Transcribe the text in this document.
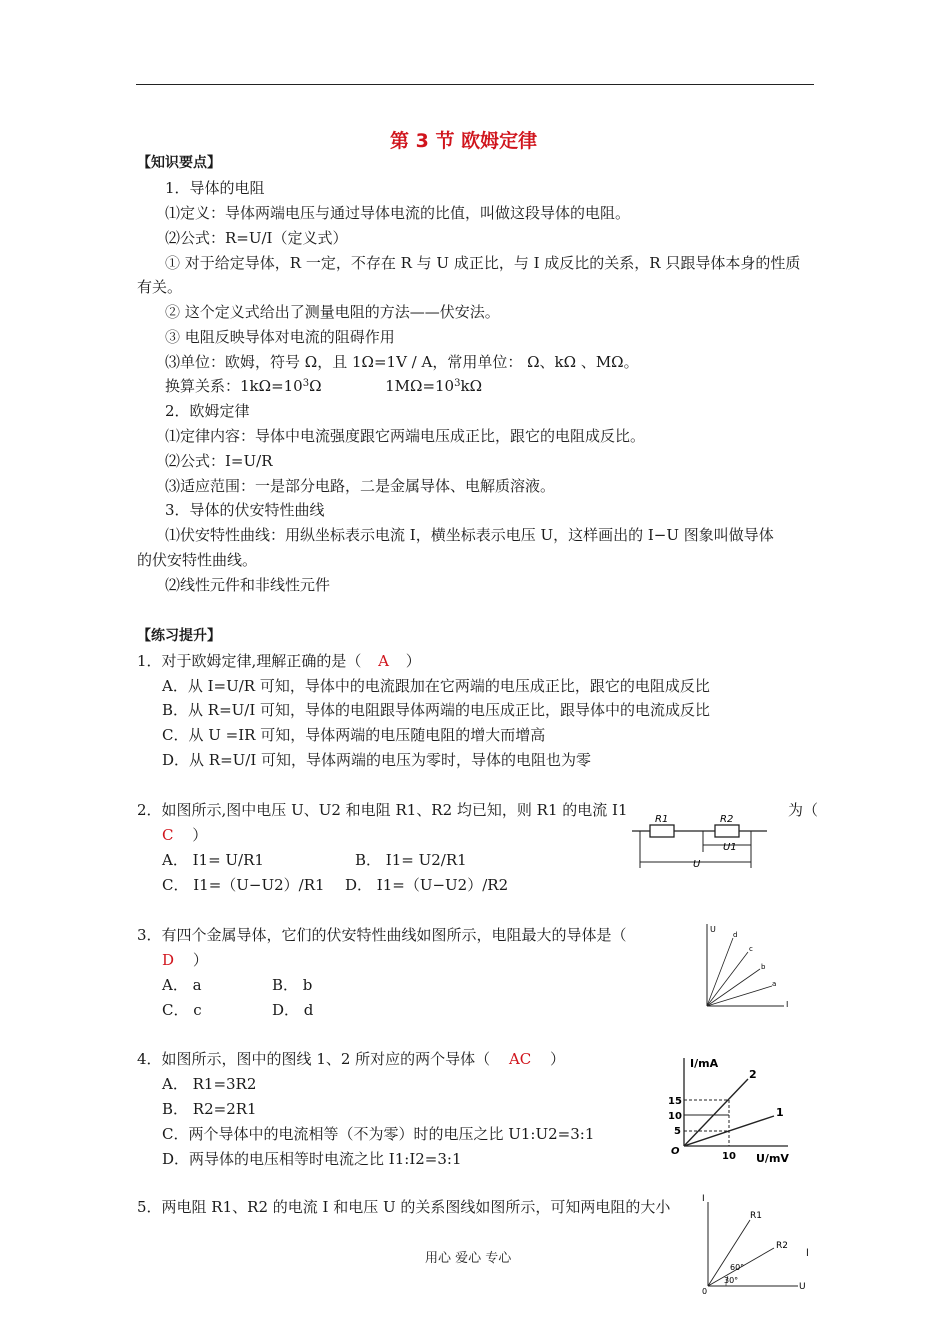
第 3 节 欧姆定律
【知识要点】
1．导体的电阻
⑴定义：导体两端电压与通过导体电流的比值，叫做这段导体的电阻。
⑵公式：R=U/I（定义式）
① 对于给定导体，R 一定，不存在 R 与 U 成正比，与 I 成反比的关系，R 只跟导体本身的性质
有关。
② 这个定义式给出了测量电阻的方法——伏安法。
③ 电阻反映导体对电流的阻碍作用
⑶单位：欧姆，符号 Ω，且 1Ω=1V / A，常用单位： Ω、kΩ 、MΩ。
换算关系：$1k\Omega=10^3\Omega$	$1M\Omega=10^3k\Omega$
2．欧姆定律
⑴定律内容：导体中电流强度跟它两端电压成正比，跟它的电阻成反比。
⑵公式：I=U/R
⑶适应范围：一是部分电路，二是金属导体、电解质溶液。
3．导体的伏安特性曲线
⑴伏安特性曲线：用纵坐标表示电流 I，横坐标表示电压 U，这样画出的 I−U 图象叫做导体
的伏安特性曲线。
⑵线性元件和非线性元件
【练习提升】
1．对于欧姆定律,理解正确的是（ A ）
A．从 I=U/R 可知，导体中的电流跟加在它两端的电压成正比，跟它的电阻成反比
B．从 R=U/I 可知，导体的电阻跟导体两端的电压成正比，跟导体中的电流成反比
C．从 U =IR 可知，导体两端的电压随电阻的增大而增高
D．从 R=U/I 可知，导体两端的电压为零时，导体的电阻也为零
2．如图所示,图中电压 U、U2 和电阻 R1、R2 均已知，则 R1 的电流 I1	为（
C ）
A． I1= U/R1	B． I1= U2/R1
C． I1=（U−U2）/R1 D． I1=（U−U2）/R2
R1	R2
U1
U
3．有四个金属导体，它们的伏安特性曲线如图所示，电阻最大的导体是（
D ）
A． a	B． b
C． c	D． d
U
I
d
c
b
a
4．如图所示，图中的图线 1、2 所对应的两个导体（ AC ）
A． R1=3R2
B． R2=2R1
C．两个导体中的电流相等（不为零）时的电压之比 U1:U2=3:1
D．两导体的电压相等时电流之比 I1:I2=3:1
I/mA
U/mV
2
1
15
10
5
O	10
5．两电阻 R1、R2 的电流 I 和电压 U 的关系图线如图所示，可知两电阻的大小	I
U
0
R1
R2
60°
30°
l
用心 爱心 专心
